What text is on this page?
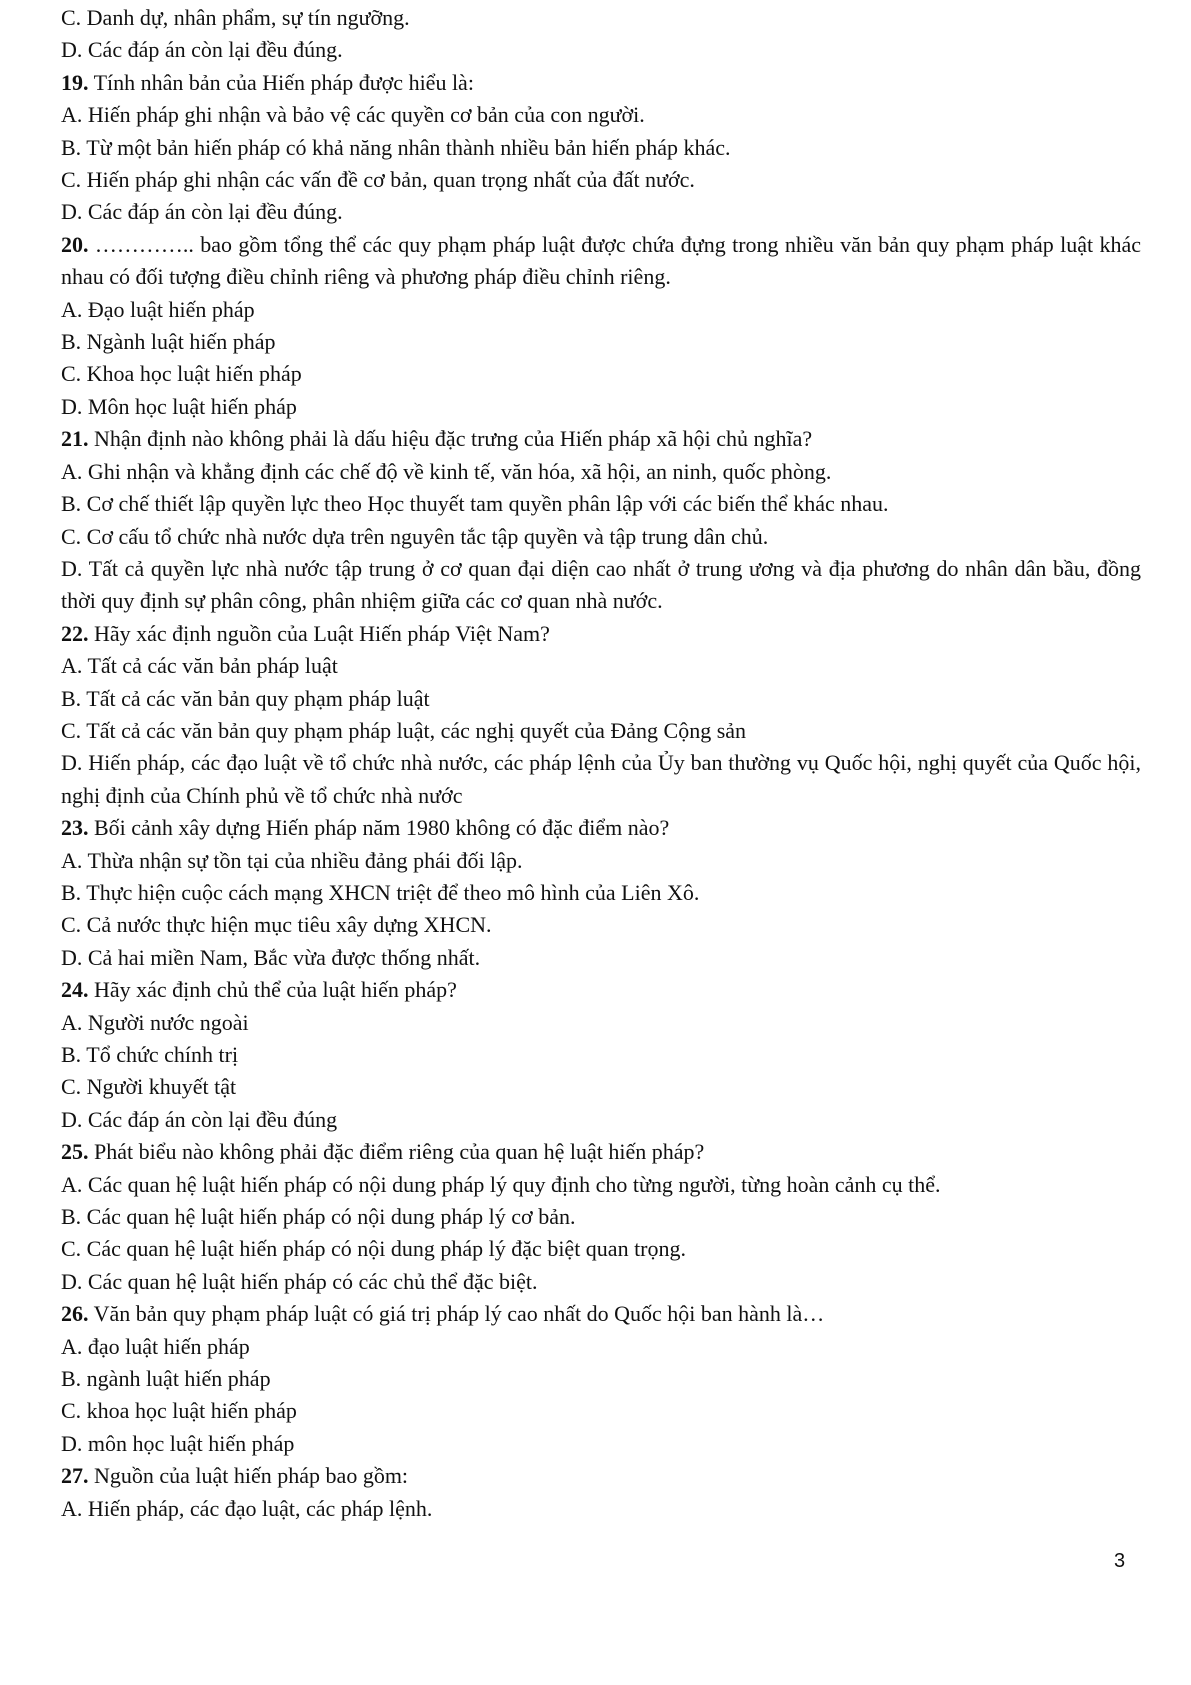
C. Danh dự, nhân phẩm, sự tín ngưỡng.
D. Các đáp án còn lại đều đúng.
19. Tính nhân bản của Hiến pháp được hiểu là:
A. Hiến pháp ghi nhận và bảo vệ các quyền cơ bản của con người.
B. Từ một bản hiến pháp có khả năng nhân thành nhiều bản hiến pháp khác.
C. Hiến pháp ghi nhận các vấn đề cơ bản, quan trọng nhất của đất nước.
D. Các đáp án còn lại đều đúng.
20. ………….. bao gồm tổng thể các quy phạm pháp luật được chứa đựng trong nhiều văn bản quy phạm pháp luật khác nhau có đối tượng điều chỉnh riêng và phương pháp điều chỉnh riêng.
A. Đạo luật hiến pháp
B. Ngành luật hiến pháp
C. Khoa học luật hiến pháp
D. Môn học luật hiến pháp
21. Nhận định nào không phải là dấu hiệu đặc trưng của Hiến pháp xã hội chủ nghĩa?
A. Ghi nhận và khẳng định các chế độ về kinh tế, văn hóa, xã hội, an ninh, quốc phòng.
B. Cơ chế thiết lập quyền lực theo Học thuyết tam quyền phân lập với các biến thể khác nhau.
C. Cơ cấu tổ chức nhà nước dựa trên nguyên tắc tập quyền và tập trung dân chủ.
D. Tất cả quyền lực nhà nước tập trung ở cơ quan đại diện cao nhất ở trung ương và địa phương do nhân dân bầu, đồng thời quy định sự phân công, phân nhiệm giữa các cơ quan nhà nước.
22. Hãy xác định nguồn của Luật Hiến pháp Việt Nam?
A. Tất cả các văn bản pháp luật
B. Tất cả các văn bản quy phạm pháp luật
C. Tất cả các văn bản quy phạm pháp luật, các nghị quyết của Đảng Cộng sản
D. Hiến pháp, các đạo luật về tổ chức nhà nước, các pháp lệnh của Ủy ban thường vụ Quốc hội, nghị quyết của Quốc hội, nghị định của Chính phủ về tổ chức nhà nước
23. Bối cảnh xây dựng Hiến pháp năm 1980 không có đặc điểm nào?
A. Thừa nhận sự tồn tại của nhiều đảng phái đối lập.
B. Thực hiện cuộc cách mạng XHCN triệt để theo mô hình của Liên Xô.
C. Cả nước thực hiện mục tiêu xây dựng XHCN.
D. Cả hai miền Nam, Bắc vừa được thống nhất.
24. Hãy xác định chủ thể của luật hiến pháp?
A. Người nước ngoài
B. Tổ chức chính trị
C. Người khuyết tật
D. Các đáp án còn lại đều đúng
25. Phát biểu nào không phải đặc điểm riêng của quan hệ luật hiến pháp?
A. Các quan hệ luật hiến pháp có nội dung pháp lý quy định cho từng người, từng hoàn cảnh cụ thể.
B. Các quan hệ luật hiến pháp có nội dung pháp lý cơ bản.
C. Các quan hệ luật hiến pháp có nội dung pháp lý đặc biệt quan trọng.
D. Các quan hệ luật hiến pháp có các chủ thể đặc biệt.
26. Văn bản quy phạm pháp luật có giá trị pháp lý cao nhất do Quốc hội ban hành là…
A. đạo luật hiến pháp
B. ngành luật hiến pháp
C. khoa học luật hiến pháp
D. môn học luật hiến pháp
27. Nguồn của luật hiến pháp bao gồm:
A. Hiến pháp, các đạo luật, các pháp lệnh.
3
